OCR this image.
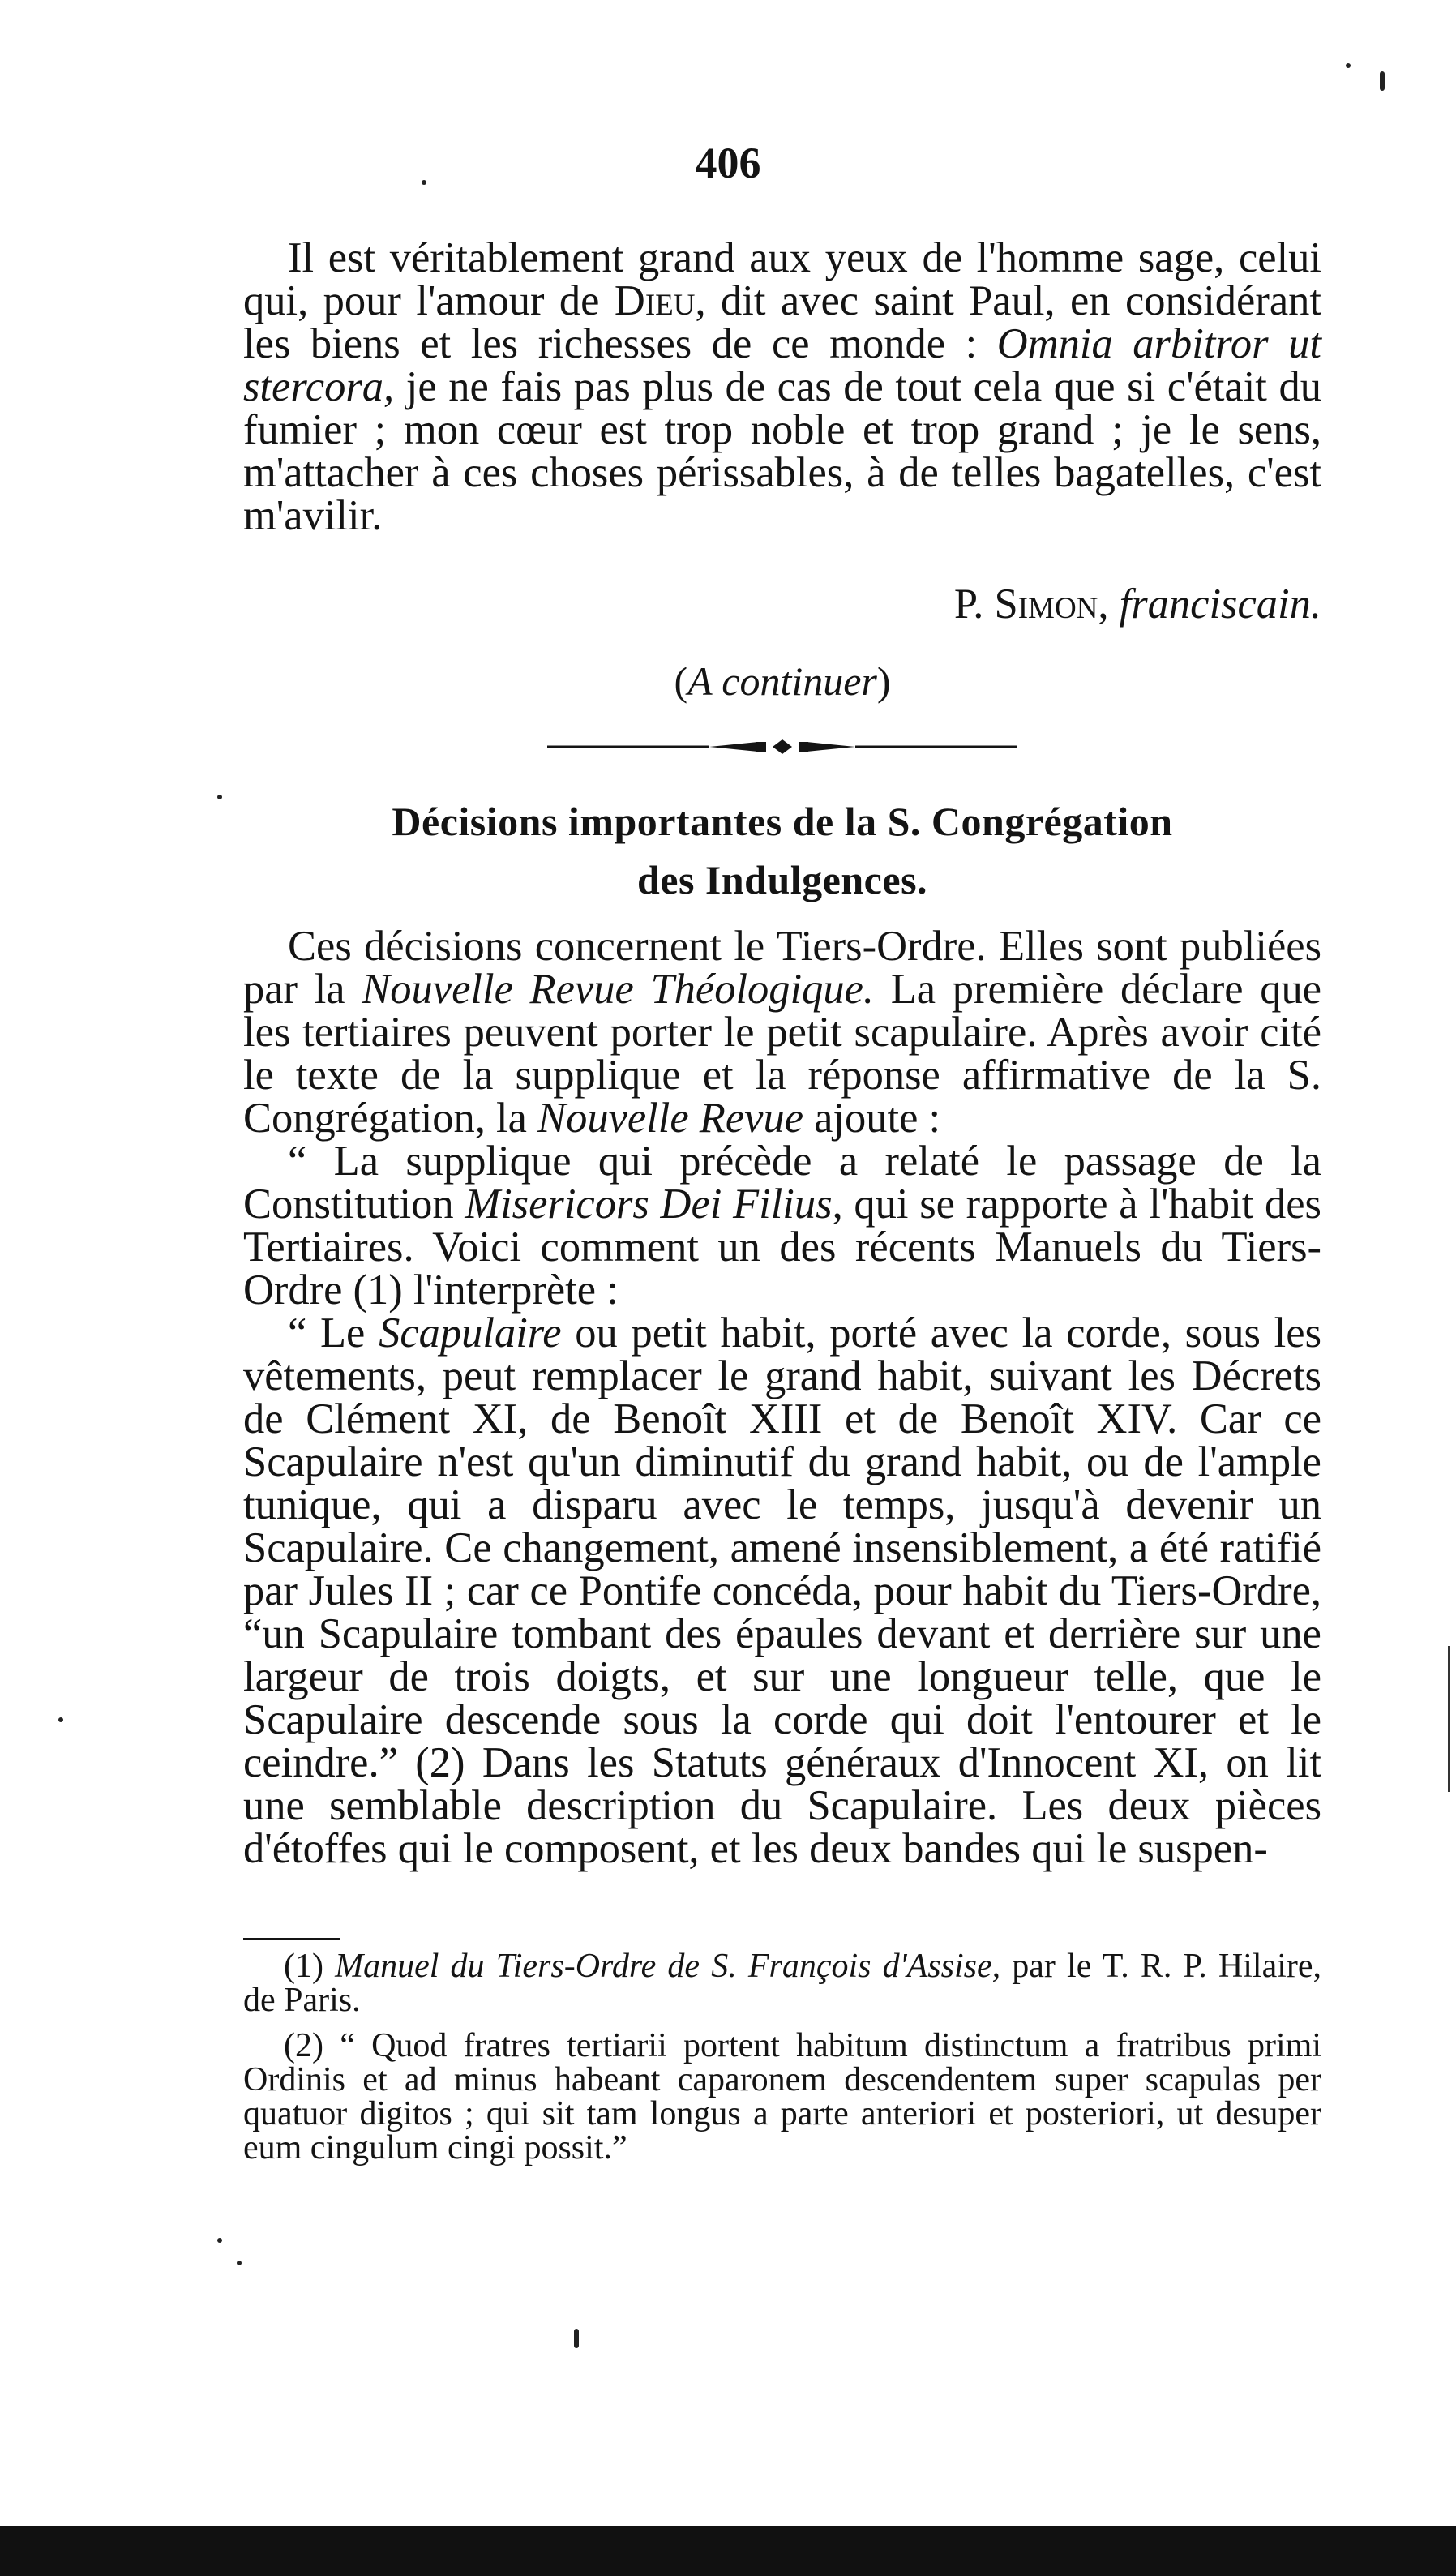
406

Il est véritablement grand aux yeux de l'homme sage, celui qui, pour l'amour de Dieu, dit avec saint Paul, en considérant les biens et les richesses de ce monde : Omnia arbitror ut stercora, je ne fais pas plus de cas de tout cela que si c'était du fumier ; mon cœur est trop noble et trop grand ; je le sens, m'attacher à ces choses périssables, à de telles bagatelles, c'est m'avilir.

P. Simon, franciscain.

(A continuer)

Décisions importantes de la S. Congrégation
des Indulgences.

Ces décisions concernent le Tiers-Ordre. Elles sont publiées par la Nouvelle Revue Théologique. La première déclare que les tertiaires peuvent porter le petit scapulaire. Après avoir cité le texte de la supplique et la réponse affirmative de la S. Congrégation, la Nouvelle Revue ajoute :

“ La supplique qui précède a relaté le passage de la Constitution Misericors Dei Filius, qui se rapporte à l'habit des Tertiaires. Voici comment un des récents Manuels du Tiers-Ordre (1) l'interprète :

“ Le Scapulaire ou petit habit, porté avec la corde, sous les vêtements, peut remplacer le grand habit, suivant les Décrets de Clément XI, de Benoît XIII et de Benoît XIV. Car ce Scapulaire n'est qu'un diminutif du grand habit, ou de l'ample tunique, qui a disparu avec le temps, jusqu'à devenir un Scapulaire. Ce changement, amené insensiblement, a été ratifié par Jules II ; car ce Pontife concéda, pour habit du Tiers-Ordre, “un Scapulaire tombant des épaules devant et derrière sur une largeur de trois doigts, et sur une longueur telle, que le Scapulaire descende sous la corde qui doit l'entourer et le ceindre.” (2) Dans les Statuts généraux d'Innocent XI, on lit une semblable description du Scapulaire. Les deux pièces d'étoffes qui le composent, et les deux bandes qui le suspen-

(1) Manuel du Tiers-Ordre de S. François d'Assise, par le T. R. P. Hilaire, de Paris.

(2) “ Quod fratres tertiarii portent habitum distinctum a fratribus primi Ordinis et ad minus habeant caparonem descendentem super scapulas per quatuor digitos ; qui sit tam longus a parte anteriori et posteriori, ut desuper eum cingulum cingi possit.”
